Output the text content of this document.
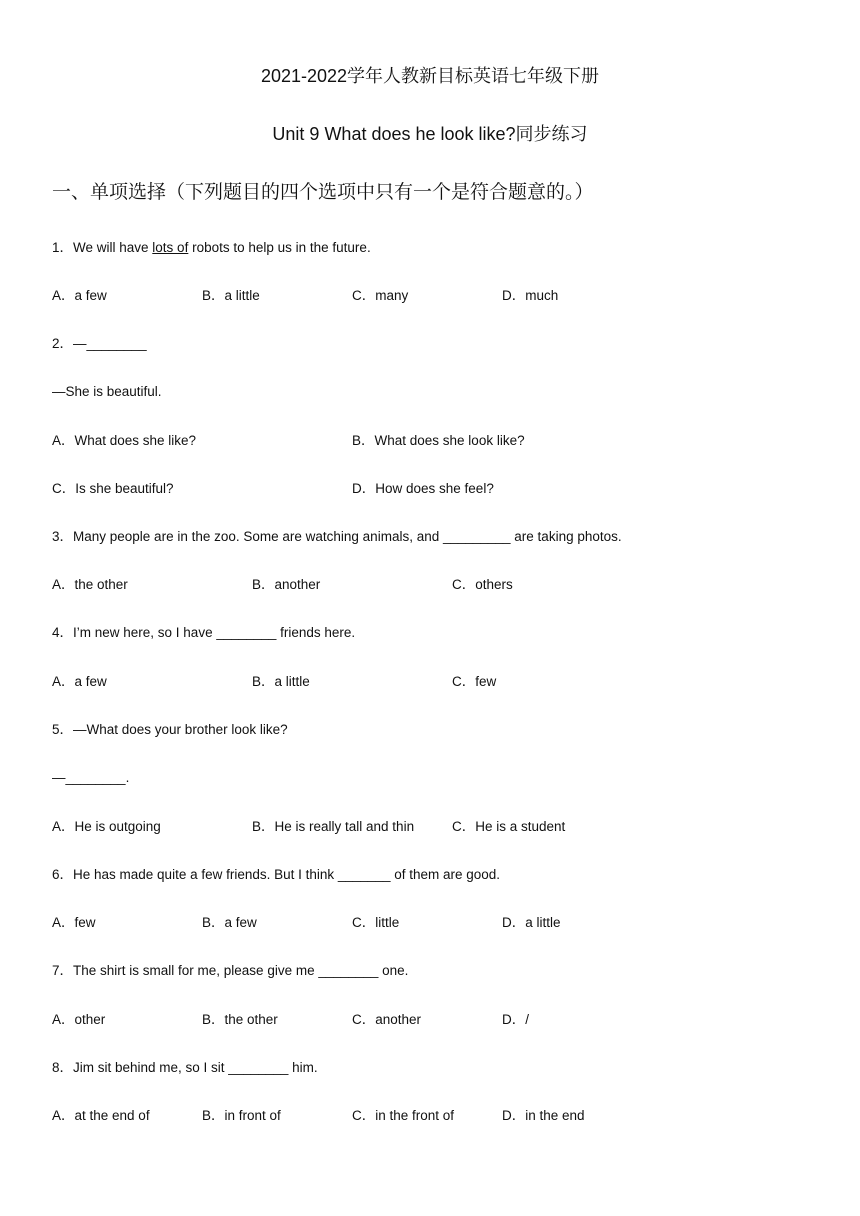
2021-2022学年人教新目标英语七年级下册
Unit 9 What does he look like?同步练习
一、单项选择（下列题目的四个选项中只有一个是符合题意的。）
1．We will have lots of robots to help us in the future.
A．a few	B．a little	C．many	D．much
2．—________
—She is beautiful.
A．What does she like?	B．What does she look like?
C．Is she beautiful?	D．How does she feel?
3．Many people are in the zoo. Some are watching animals, and _________ are taking photos.
A．the other	B．another	C．others
4．I’m new here, so I have ________ friends here.
A．a few	B．a little	C．few
5．—What does your brother look like?
—________.
A．He is outgoing	B．He is really tall and thin	C．He is a student
6．He has made quite a few friends. But I think _______ of them are good.
A．few	B．a few	C．little	D．a little
7．The shirt is small for me, please give me ________ one.
A．other	B．the other	C．another	D．/
8．Jim sit behind me, so I sit ________ him.
A．at the end of	B．in front of	C．in the front of	D．in the end
